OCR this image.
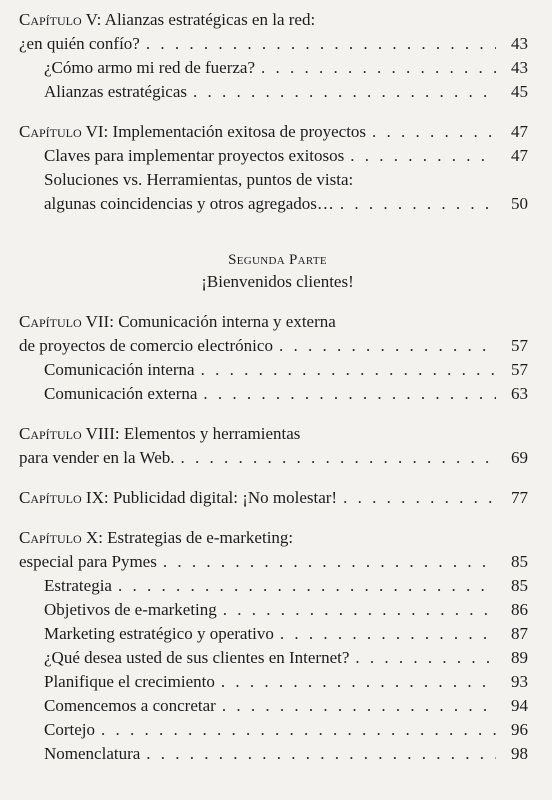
Capítulo V: Alianzas estratégicas en la red:
¿en quién confío? . . .	43
¿Cómo armo mi red de fuerza? . . .	43
Alianzas estratégicas . . .	45
Capítulo VI: Implementación exitosa de proyectos . . .	47
Claves para implementar proyectos exitosos . . .	47
Soluciones vs. Herramientas, puntos de vista:
algunas coincidencias y otros agregados… . . .	50
Segunda Parte
¡Bienvenidos clientes!
Capítulo VII: Comunicación interna y externa
de proyectos de comercio electrónico . . .	57
Comunicación interna . . .	57
Comunicación externa . . .	63
Capítulo VIII: Elementos y herramientas
para vender en la Web. . . .	69
Capítulo IX: Publicidad digital: ¡No molestar! . . .	77
Capítulo X: Estrategias de e-marketing:
especial para Pymes . . .	85
Estrategia . . .	85
Objetivos de e-marketing . . .	86
Marketing estratégico y operativo . . .	87
¿Qué desea usted de sus clientes en Internet? . . .	89
Planifique el crecimiento . . .	93
Comencemos a concretar . . .	94
Cortejo . . .	96
Nomenclatura . . .	98
